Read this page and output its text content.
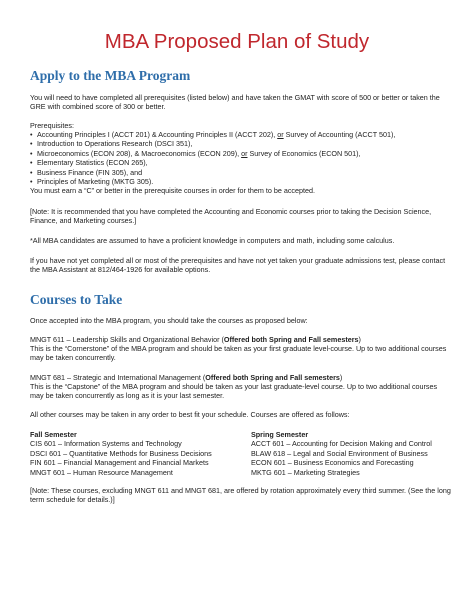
MBA Proposed Plan of Study
Apply to the MBA Program

You will need to have completed all prerequisites (listed below) and have taken the GMAT with score of 500 or better or taken the

GRE with combined score of 300 or better.

Prerequisites:

• Accounting Principles I (ACCT 201) & Accounting Principles II (ACCT 202), or Survey of Accounting (ACCT 501),
• Introduction to Operations Research (DSCI 351),
• Microeconomics (ECON 208), & Macroeconomics (ECON 209), or Survey of Economics (ECON 501),
• Elementary Statistics (ECON 265),
• Business Finance (FIN 305), and
• Principles of Marketing (MKTG 305).

You must earn a “C” or better in the prerequisite courses in order for them to be accepted.

[Note: It is recommended that you have completed the Accounting and Economic courses prior to taking the Decision Science,

Finance, and Marketing courses.]

*All MBA candidates are assumed to have a proficient knowledge in computers and math, including some calculus.

If you have not yet completed all or most of the prerequisites and have not yet taken your graduate admissions test, please contact

the MBA Assistant at 812/464-1926 for available options.

Courses to Take

Once accepted into the MBA program, you should take the courses as proposed below:

MNGT 611 – Leadership Skills and Organizational Behavior (Offered both Spring and Fall semesters)

This is the “Cornerstone” of the MBA program and should be taken as your first graduate level-course. Up to two additional courses

may be taken concurrently.

MNGT 681 – Strategic and International Management (Offered both Spring and Fall semesters)

This is the “Capstone” of the MBA program and should be taken as your last graduate-level course. Up to two additional courses

may be taken concurrently as long as it is your last semester.

All other courses may be taken in any order to best fit your schedule. Courses are offered as follows:

Fall Semester
CIS 601 – Information Systems and Technology
DSCI 601 – Quantitative Methods for Business Decisions
FIN 601 – Financial Management and Financial Markets
MNGT 601 – Human Resource Management
Spring Semester
ACCT 601 – Accounting for Decision Making and Control
BLAW 618 – Legal and Social Environment of Business
ECON 601 – Business Economics and Forecasting
MKTG 601 – Marketing Strategies

[Note: These courses, excluding MNGT 611 and MNGT 681, are offered by rotation approximately every third summer. (See the long

term schedule for details.)]
